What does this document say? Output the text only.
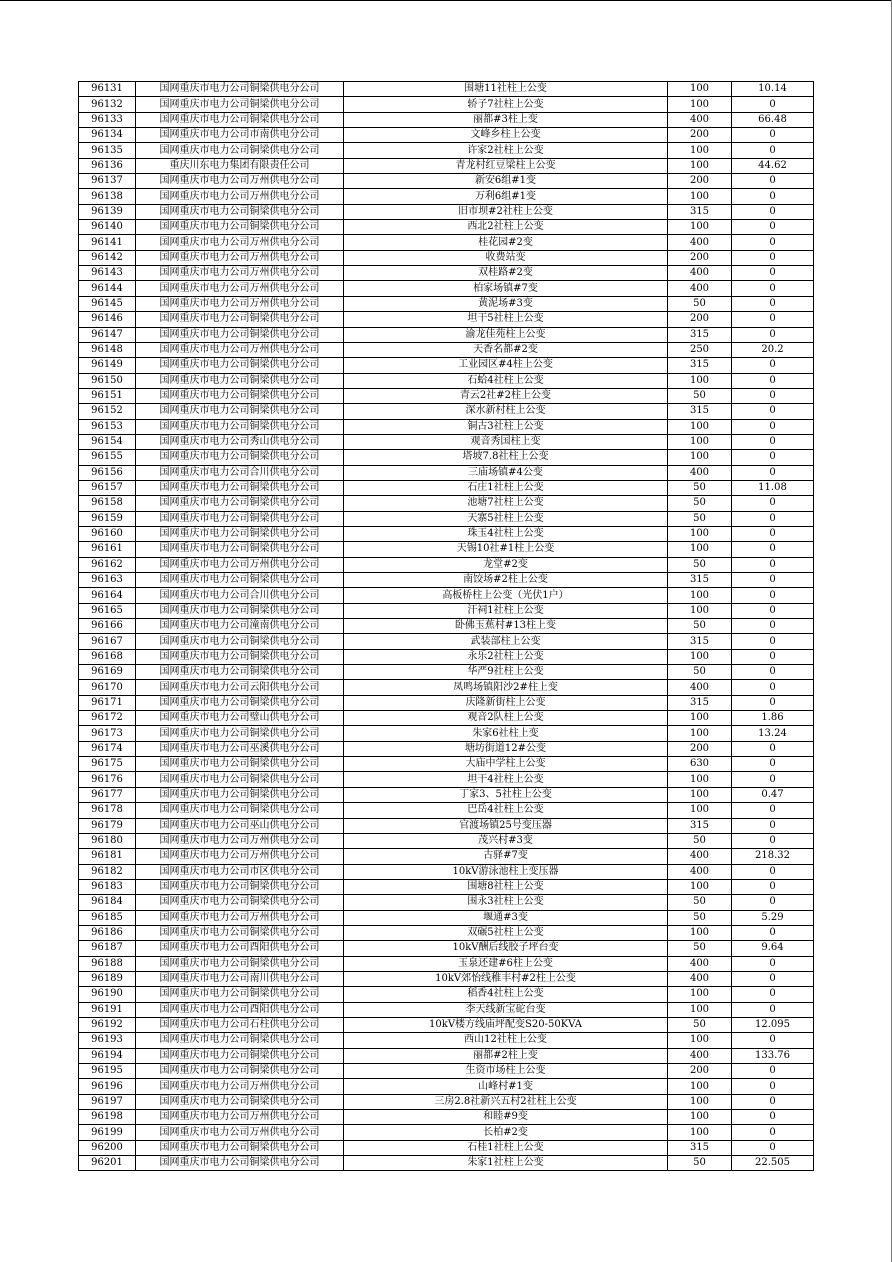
96131	国网重庆市电力公司铜梁供电分公司	围塘11社柱上公变	100	10.14
96132	国网重庆市电力公司铜梁供电分公司	轿子7社柱上公变	100	0
96133	国网重庆市电力公司铜梁供电分公司	丽都#3柱上变	400	66.48
96134	国网重庆市电力公司市南供电分公司	文峰乡柱上公变	200	0
96135	国网重庆市电力公司铜梁供电分公司	许家2社柱上公变	100	0
96136	重庆川东电力集团有限责任公司	青龙村红豆梁柱上公变	100	44.62
96137	国网重庆市电力公司万州供电分公司	新安6组#1变	200	0
96138	国网重庆市电力公司万州供电分公司	万利6组#1变	100	0
96139	国网重庆市电力公司铜梁供电分公司	旧市坝#2社柱上公变	315	0
96140	国网重庆市电力公司铜梁供电分公司	西北2社柱上公变	100	0
96141	国网重庆市电力公司万州供电分公司	桂花园#2变	400	0
96142	国网重庆市电力公司万州供电分公司	收费站变	200	0
96143	国网重庆市电力公司万州供电分公司	双桂路#2变	400	0
96144	国网重庆市电力公司万州供电分公司	柏家场镇#7变	400	0
96145	国网重庆市电力公司万州供电分公司	黄泥场#3变	50	0
96146	国网重庆市电力公司铜梁供电分公司	坦干5社柱上公变	200	0
96147	国网重庆市电力公司铜梁供电分公司	渝龙佳苑柱上公变	315	0
96148	国网重庆市电力公司万州供电分公司	天香名都#2变	250	20.2
96149	国网重庆市电力公司铜梁供电分公司	工业园区#4柱上公变	315	0
96150	国网重庆市电力公司铜梁供电分公司	石蛤4社柱上公变	100	0
96151	国网重庆市电力公司铜梁供电分公司	青云2社#2柱上公变	50	0
96152	国网重庆市电力公司铜梁供电分公司	深水新村柱上公变	315	0
96153	国网重庆市电力公司铜梁供电分公司	铜古3社柱上公变	100	0
96154	国网重庆市电力公司秀山供电分公司	观音秀国柱上变	100	0
96155	国网重庆市电力公司铜梁供电分公司	塔坡7.8社柱上公变	100	0
96156	国网重庆市电力公司合川供电分公司	三庙场镇#4公变	400	0
96157	国网重庆市电力公司铜梁供电分公司	石庄1社柱上公变	50	11.08
96158	国网重庆市电力公司铜梁供电分公司	池塘7社柱上公变	50	0
96159	国网重庆市电力公司铜梁供电分公司	天寨5社柱上公变	50	0
96160	国网重庆市电力公司铜梁供电分公司	珠玉4社柱上公变	100	0
96161	国网重庆市电力公司铜梁供电分公司	天锡10社#1柱上公变	100	0
96162	国网重庆市电力公司万州供电分公司	龙堂#2变	50	0
96163	国网重庆市电力公司铜梁供电分公司	南饺场#2柱上公变	315	0
96164	国网重庆市电力公司合川供电分公司	高板桥柱上公变（光伏1户）	100	0
96165	国网重庆市电力公司铜梁供电分公司	汗祠1社柱上公变	100	0
96166	国网重庆市电力公司潼南供电分公司	卧佛玉蕉村#13柱上变	50	0
96167	国网重庆市电力公司铜梁供电分公司	武装部柱上公变	315	0
96168	国网重庆市电力公司铜梁供电分公司	永乐2社柱上公变	100	0
96169	国网重庆市电力公司铜梁供电分公司	华严9社柱上公变	50	0
96170	国网重庆市电力公司云阳供电分公司	凤鸣场镇阳沙2#柱上变	400	0
96171	国网重庆市电力公司铜梁供电分公司	庆隆新街柱上公变	315	0
96172	国网重庆市电力公司璧山供电分公司	观音2队柱上公变	100	1.86
96173	国网重庆市电力公司铜梁供电分公司	朱家6社柱上变	100	13.24
96174	国网重庆市电力公司巫溪供电分公司	塘坊街道12#公变	200	0
96175	国网重庆市电力公司铜梁供电分公司	大庙中学柱上公变	630	0
96176	国网重庆市电力公司铜梁供电分公司	坦干4社柱上公变	100	0
96177	国网重庆市电力公司铜梁供电分公司	丁家3、5社柱上公变	100	0.47
96178	国网重庆市电力公司铜梁供电分公司	巴岳4社柱上公变	100	0
96179	国网重庆市电力公司巫山供电分公司	官渡场镇25号变压器	315	0
96180	国网重庆市电力公司万州供电分公司	茂兴村#3变	50	0
96181	国网重庆市电力公司万州供电分公司	古驿#7变	400	218.32
96182	国网重庆市电力公司市区供电分公司	10kV游泳池柱上变压器	400	0
96183	国网重庆市电力公司铜梁供电分公司	围塘8社柱上公变	100	0
96184	国网重庆市电力公司铜梁供电分公司	围永3社柱上公变	50	0
96185	国网重庆市电力公司万州供电分公司	堰通#3变	50	5.29
96186	国网重庆市电力公司铜梁供电分公司	双碾5社柱上公变	100	0
96187	国网重庆市电力公司酉阳供电分公司	10kV酬后线胶子坪台变	50	9.64
96188	国网重庆市电力公司铜梁供电分公司	玉泉还建#6柱上公变	400	0
96189	国网重庆市电力公司南川供电分公司	10kV郊怡线稚丰村#2柱上公变	400	0
96190	国网重庆市电力公司铜梁供电分公司	稻香4社柱上公变	100	0
96191	国网重庆市电力公司酉阳供电分公司	李天线新宝砣台变	100	0
96192	国网重庆市电力公司石柱供电分公司	10kV楼方线庙坪配变S20-50KVA	50	12.095
96193	国网重庆市电力公司铜梁供电分公司	西山12社柱上公变	100	0
96194	国网重庆市电力公司铜梁供电分公司	丽都#2柱上变	400	133.76
96195	国网重庆市电力公司铜梁供电分公司	生资市场柱上公变	200	0
96196	国网重庆市电力公司万州供电分公司	山峰村#1变	100	0
96197	国网重庆市电力公司铜梁供电分公司	三房2.8社新兴五村2社柱上公变	100	0
96198	国网重庆市电力公司万州供电分公司	和睦#9变	100	0
96199	国网重庆市电力公司万州供电分公司	长柏#2变	100	0
96200	国网重庆市电力公司铜梁供电分公司	石桂1社柱上公变	315	0
96201	国网重庆市电力公司铜梁供电分公司	朱家1社柱上公变	50	22.505
